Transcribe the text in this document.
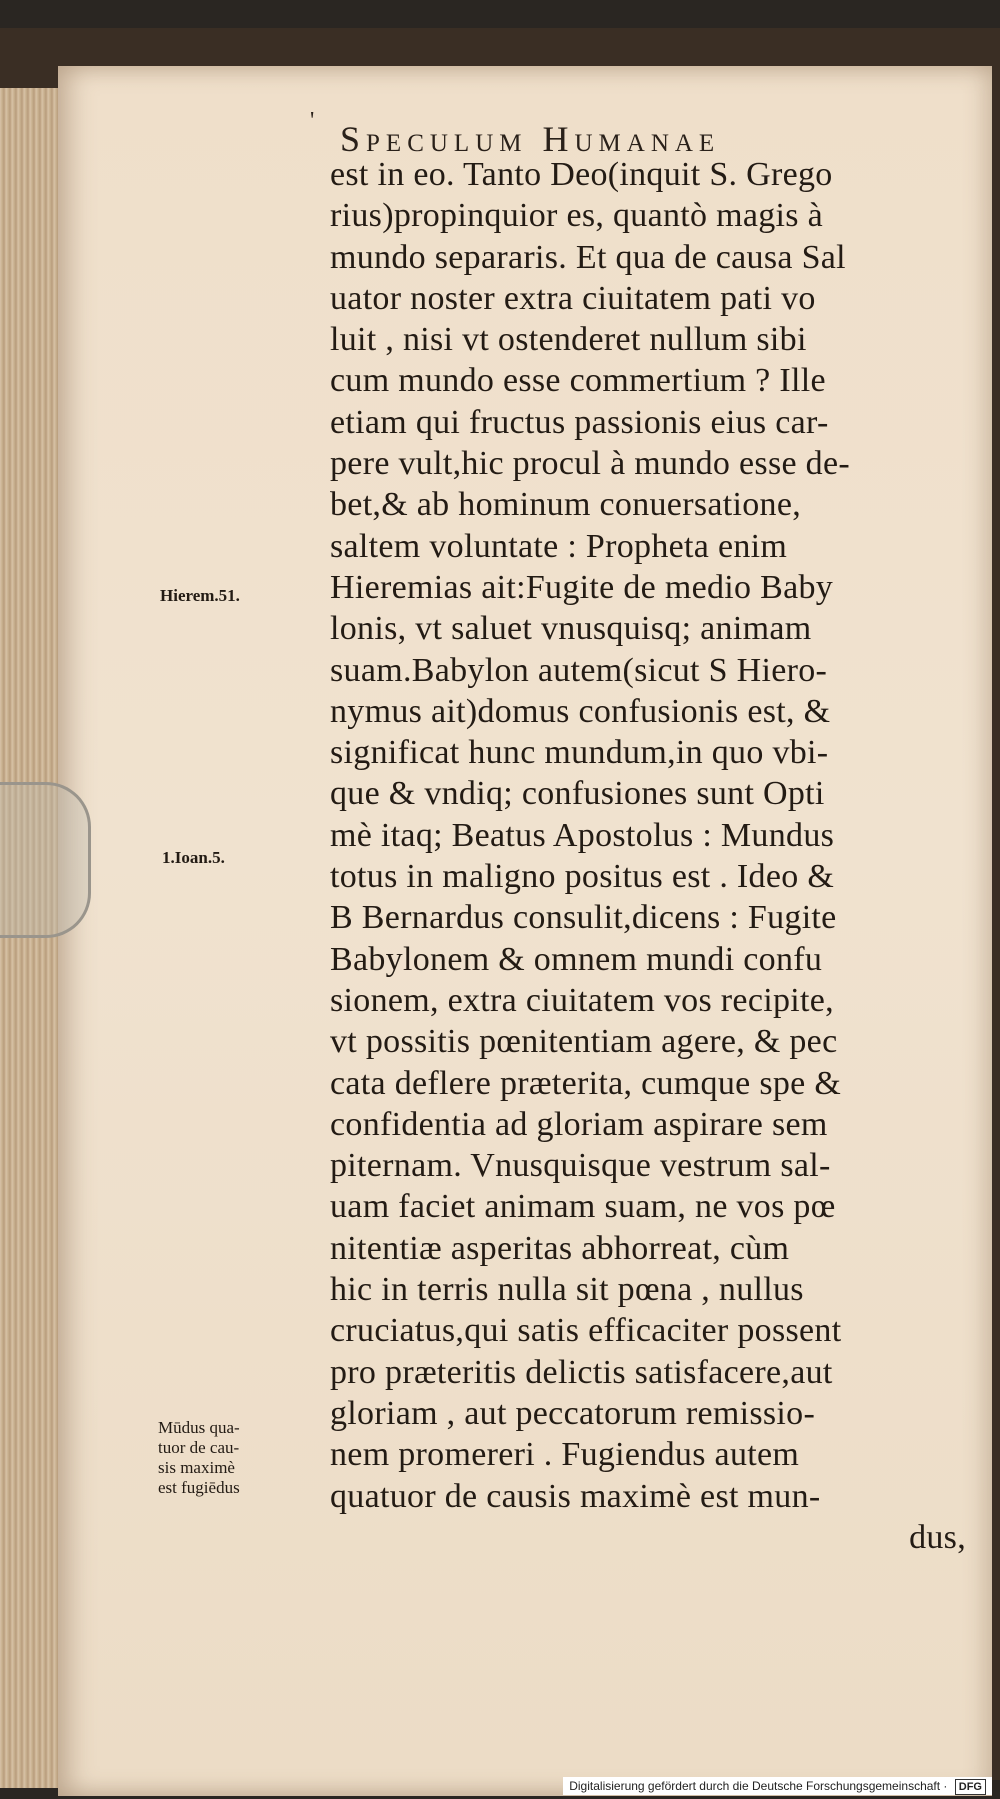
' Speculum Humanae
Hierem.51.
1.Ioan.5.
Mūdus qua-
tuor de cau-
sis maximè
est fugiēdus
est in eo. Tanto Deo(inquit S. Grego
rius)propinquior es, quantò magis à
mundo separaris. Et qua de causa Sal
uator noster extra ciuitatem pati vo
luit , nisi vt ostenderet nullum sibi
cum mundo esse commertium ? Ille
etiam qui fructus passionis eius car-
pere vult,hic procul à mundo esse de-
bet,& ab hominum conuersatione,
saltem voluntate : Propheta enim
Hieremias ait:Fugite de medio Baby
lonis, vt saluet vnusquisq; animam
suam.Babylon autem(sicut S Hiero-
nymus ait)domus confusionis est, &
significat hunc mundum,in quo vbi-
que & vndiq; confusiones sunt Opti
mè itaq; Beatus Apostolus : Mundus
totus in maligno positus est . Ideo &
B Bernardus consulit,dicens : Fugite
Babylonem & omnem mundi confu
sionem, extra ciuitatem vos recipite,
vt possitis pœnitentiam agere, & pec
cata deflere præterita, cumque spe &
confidentia ad gloriam aspirare sem
piternam. Vnusquisque vestrum sal-
uam faciet animam suam, ne vos pœ
nitentiæ asperitas abhorreat, cùm
hic in terris nulla sit pœna , nullus
cruciatus,qui satis efficaciter possent
pro præteritis delictis satisfacere,aut
gloriam , aut peccatorum remissio-
nem promereri . Fugiendus autem
quatuor de causis maximè est mun-
dus,
Digitalisierung gefördert durch die Deutsche Forschungsgemeinschaft · DFG
